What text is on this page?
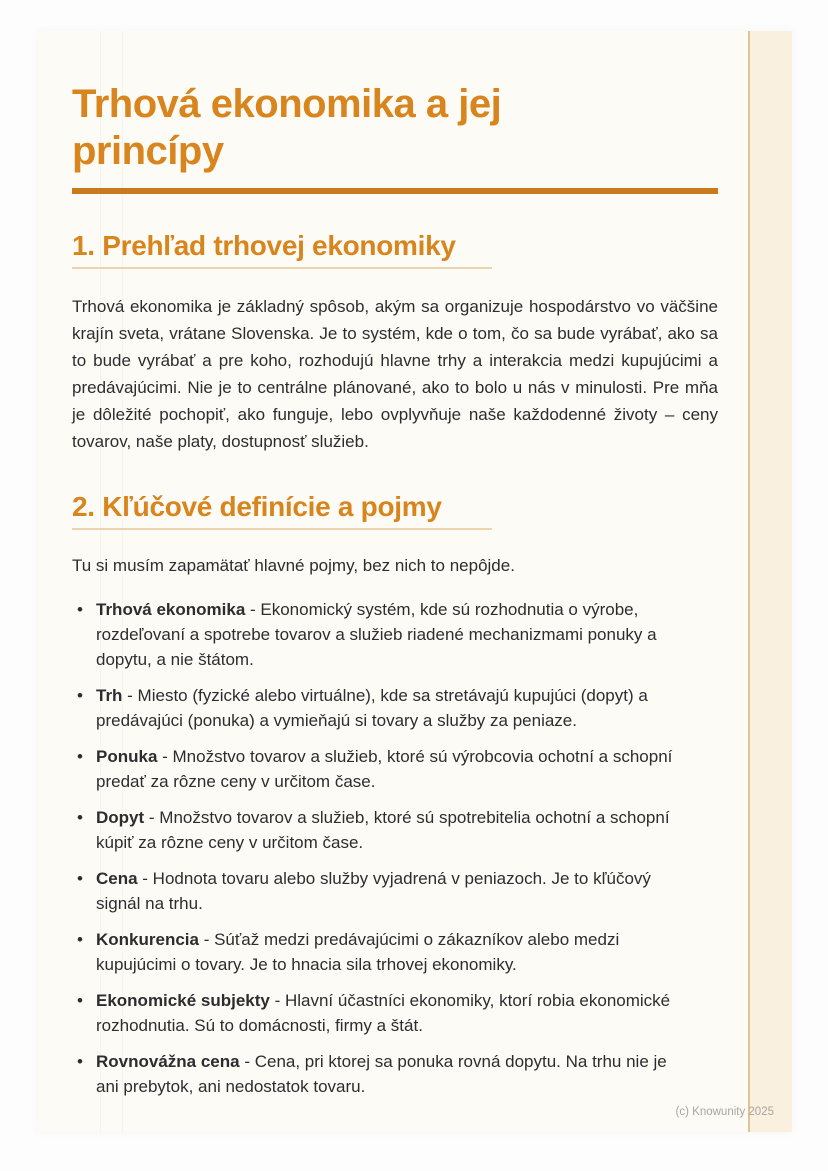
Trhová ekonomika a jej princípy
1. Prehľad trhovej ekonomiky

Trhová ekonomika je základný spôsob, akým sa organizuje hospodárstvo vo väčšine krajín sveta, vrátane Slovenska. Je to systém, kde o tom, čo sa bude vyrábať, ako sa to bude vyrábať a pre koho, rozhodujú hlavne trhy a interakcia medzi kupujúcimi a predávajúcimi. Nie je to centrálne plánované, ako to bolo u nás v minulosti. Pre mňa je dôležité pochopiť, ako funguje, lebo ovplyvňuje naše každodenné životy – ceny tovarov, naše platy, dostupnosť služieb.

2. Kľúčové definície a pojmy

Tu si musím zapamätať hlavné pojmy, bez nich to nepôjde.

• Trhová ekonomika - Ekonomický systém, kde sú rozhodnutia o výrobe, rozdeľovaní a spotrebe tovarov a služieb riadené mechanizmami ponuky a dopytu, a nie štátom.
• Trh - Miesto (fyzické alebo virtuálne), kde sa stretávajú kupujúci (dopyt) a predávajúci (ponuka) a vymieňajú si tovary a služby za peniaze.
• Ponuka - Množstvo tovarov a služieb, ktoré sú výrobcovia ochotní a schopní predať za rôzne ceny v určitom čase.
• Dopyt - Množstvo tovarov a služieb, ktoré sú spotrebitelia ochotní a schopní kúpiť za rôzne ceny v určitom čase.
• Cena - Hodnota tovaru alebo služby vyjadrená v peniazoch. Je to kľúčový signál na trhu.
• Konkurencia - Súťaž medzi predávajúcimi o zákazníkov alebo medzi kupujúcimi o tovary. Je to hnacia sila trhovej ekonomiky.
• Ekonomické subjekty - Hlavní účastníci ekonomiky, ktorí robia ekonomické rozhodnutia. Sú to domácnosti, firmy a štát.
• Rovnovážna cena - Cena, pri ktorej sa ponuka rovná dopytu. Na trhu nie je ani prebytok, ani nedostatok tovaru.
(c) Knowunity 2025
